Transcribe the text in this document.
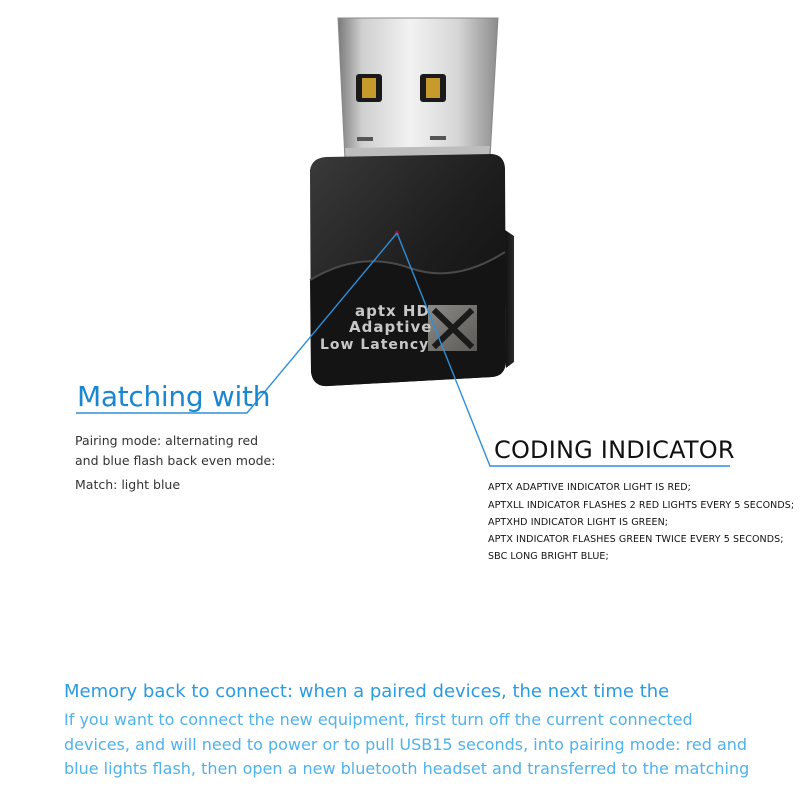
aptx HD
Adaptive
Low Latency

Matching with

Pairing mode: alternating red

and blue flash back even mode:

Match: light blue

CODING INDICATOR

APTX ADAPTIVE INDICATOR LIGHT IS RED;

APTXLL INDICATOR FLASHES 2 RED LIGHTS EVERY 5 SECONDS;

APTXHD INDICATOR LIGHT IS GREEN;

APTX INDICATOR FLASHES GREEN TWICE EVERY 5 SECONDS;

SBC LONG BRIGHT BLUE;

Memory back to connect: when a paired devices, the next time the

If you want to connect the new equipment, first turn off the current connected

devices, and will need to power or to pull USB15 seconds, into pairing mode: red and

blue lights flash, then open a new bluetooth headset and transferred to the matching
